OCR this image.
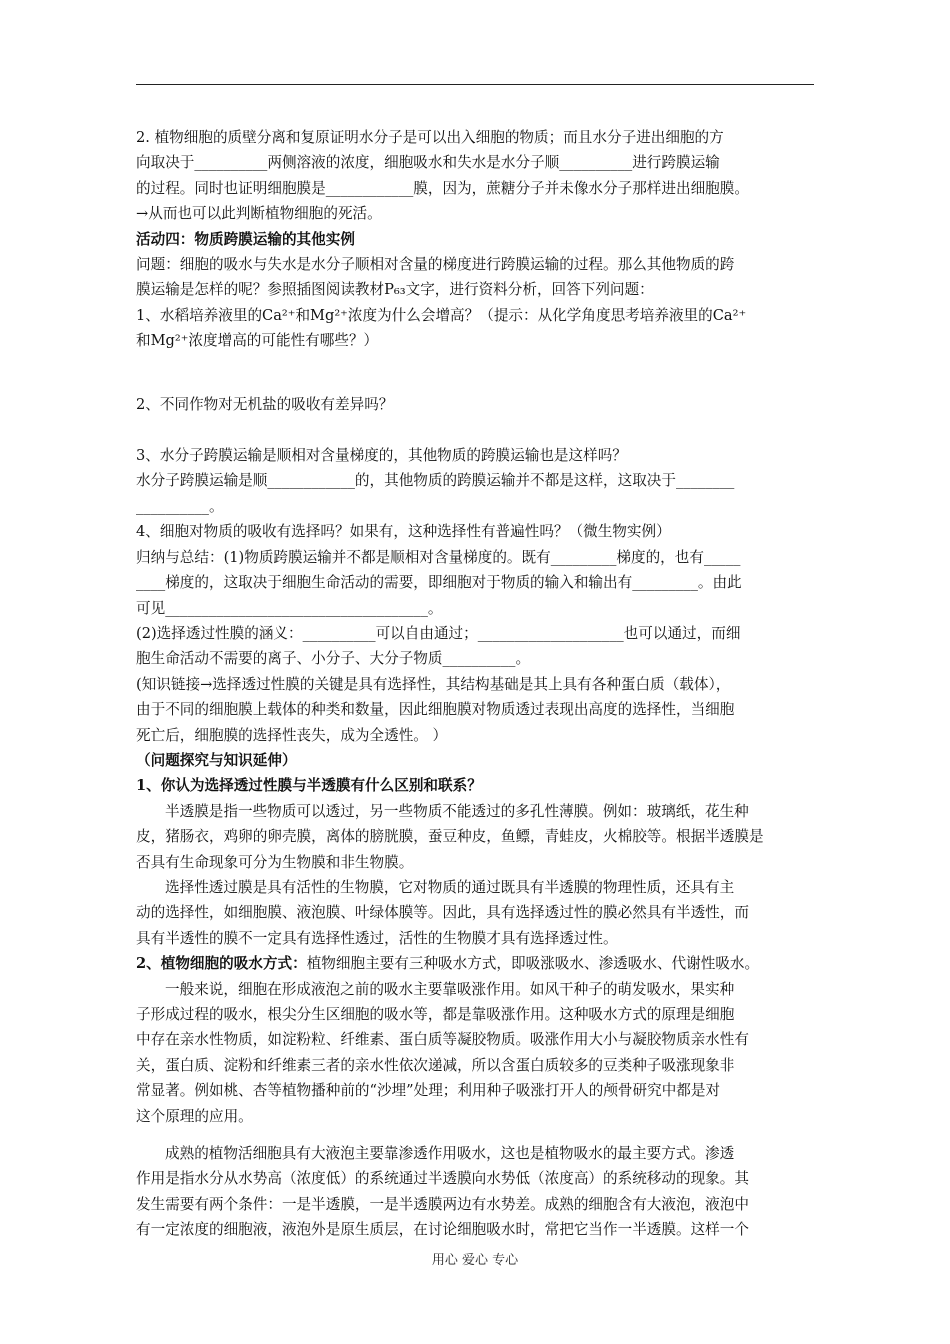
2. 植物细胞的质壁分离和复原证明水分子是可以出入细胞的物质；而且水分子进出细胞的方

向取决于__________两侧溶液的浓度，细胞吸水和失水是水分子顺__________进行跨膜运输

的过程。同时也证明细胞膜是____________膜，因为，蔗糖分子并未像水分子那样进出细胞膜。

→从而也可以此判断植物细胞的死活。

活动四：物质跨膜运输的其他实例

问题：细胞的吸水与失水是水分子顺相对含量的梯度进行跨膜运输的过程。那么其他物质的跨

膜运输是怎样的呢？参照插图阅读教材P₆₃文字，进行资料分析，回答下列问题：

1、水稻培养液里的Ca²⁺和Mg²⁺浓度为什么会增高？（提示：从化学角度思考培养液里的Ca²⁺

和Mg²⁺浓度增高的可能性有哪些？）

2、不同作物对无机盐的吸收有差异吗？

3、水分子跨膜运输是顺相对含量梯度的，其他物质的跨膜运输也是这样吗？

水分子跨膜运输是顺____________的，其他物质的跨膜运输并不都是这样，这取决于________

__________。

4、细胞对物质的吸收有选择吗？如果有，这种选择性有普遍性吗？（微生物实例）

归纳与总结：(1)物质跨膜运输并不都是顺相对含量梯度的。既有_________梯度的，也有_____

____梯度的，这取决于细胞生命活动的需要，即细胞对于物质的输入和输出有_________。由此

可见____________________________________。

(2)选择透过性膜的涵义：__________可以自由通过；____________________也可以通过，而细

胞生命活动不需要的离子、小分子、大分子物质__________。

(知识链接→选择透过性膜的关键是具有选择性，其结构基础是其上具有各种蛋白质（载体），

由于不同的细胞膜上载体的种类和数量，因此细胞膜对物质透过表现出高度的选择性，当细胞

死亡后，细胞膜的选择性丧失，成为全透性。 ）

（问题探究与知识延伸）

1、你认为选择透过性膜与半透膜有什么区别和联系？

半透膜是指一些物质可以透过，另一些物质不能透过的多孔性薄膜。例如：玻璃纸，花生种

皮，猪肠衣，鸡卵的卵壳膜，离体的膀胱膜，蚕豆种皮，鱼鳔，青蛙皮，火棉胶等。根据半透膜是

否具有生命现象可分为生物膜和非生物膜。

选择性透过膜是具有活性的生物膜，它对物质的通过既具有半透膜的物理性质，还具有主

动的选择性，如细胞膜、液泡膜、叶绿体膜等。因此，具有选择透过性的膜必然具有半透性，而

具有半透性的膜不一定具有选择性透过，活性的生物膜才具有选择透过性。

2、植物细胞的吸水方式：植物细胞主要有三种吸水方式，即吸涨吸水、渗透吸水、代谢性吸水。

一般来说，细胞在形成液泡之前的吸水主要靠吸涨作用。如风干种子的萌发吸水，果实种

子形成过程的吸水，根尖分生区细胞的吸水等，都是靠吸涨作用。这种吸水方式的原理是细胞

中存在亲水性物质，如淀粉粒、纤维素、蛋白质等凝胶物质。吸涨作用大小与凝胶物质亲水性有

关，蛋白质、淀粉和纤维素三者的亲水性依次递减，所以含蛋白质较多的豆类种子吸涨现象非

常显著。例如桃、杏等植物播种前的“沙埋”处理；利用种子吸涨打开人的颅骨研究中都是对

这个原理的应用。

成熟的植物活细胞具有大液泡主要靠渗透作用吸水，这也是植物吸水的最主要方式。渗透

作用是指水分从水势高（浓度低）的系统通过半透膜向水势低（浓度高）的系统移动的现象。其

发生需要有两个条件：一是半透膜，一是半透膜两边有水势差。成熟的细胞含有大液泡，液泡中

有一定浓度的细胞液，液泡外是原生质层，在讨论细胞吸水时，常把它当作一半透膜。这样一个

用心 爱心 专心
